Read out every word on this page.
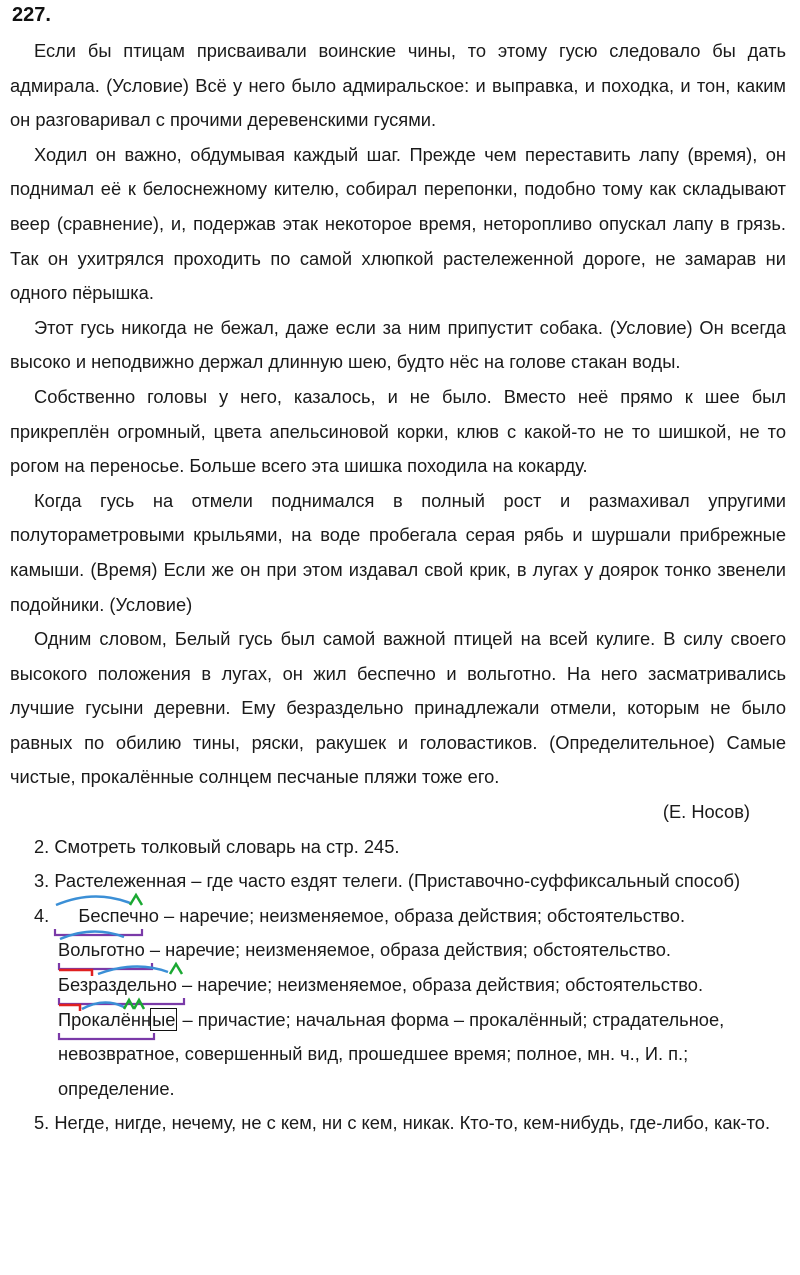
227.

Если бы птицам присваивали воинские чины, то этому гусю следовало бы дать адмирала. (Условие) Всё у него было адмиральское: и выправка, и походка, и тон, каким он разговаривал с прочими деревенскими гусями.

Ходил он важно, обдумывая каждый шаг. Прежде чем переставить лапу (время), он поднимал её к белоснежному кителю, собирал перепонки, подобно тому как складывают веер (сравнение), и, подержав этак некоторое время, неторопливо опускал лапу в грязь. Так он ухитрялся проходить по самой хлюпкой растележенной дороге, не замарав ни одного пёрышка.

Этот гусь никогда не бежал, даже если за ним припустит собака. (Условие) Он всегда высоко и неподвижно держал длинную шею, будто нёс на голове стакан воды.

Собственно головы у него, казалось, и не было. Вместо неё прямо к шее был прикреплён огромный, цвета апельсиновой корки, клюв с какой-то не то шишкой, не то рогом на переносье. Больше всего эта шишка походила на кокарду.

Когда гусь на отмели поднимался в полный рост и размахивал упругими полутораметровыми крыльями, на воде пробегала серая рябь и шуршали прибрежные камыши. (Время) Если же он при этом издавал свой крик, в лугах у доярок тонко звенели подойники. (Условие)

Одним словом, Белый гусь был самой важной птицей на всей кулиге. В силу своего высокого положения в лугах, он жил беспечно и вольготно. На него засматривались лучшие гусыни деревни. Ему безраздельно принадлежали отмели, которым не было равных по обилию тины, ряски, ракушек и головастиков. (Определительное) Самые чистые, прокалённые солнцем песчаные пляжи тоже его.

(Е. Носов)

2. Смотреть толковый словарь на стр. 245.

3. Растележенная – где часто ездят телеги. (Приставочно-суффиксальный способ)

4. Беспечно
– наречие; неизменяемое, образа действия; обстоятельство.

Вольготно
– наречие; неизменяемое, образа действия; обстоятельство.

Безраздельно
– наречие; неизменяемое, образа действия; обстоятельство.

Прокалённые
– причастие; начальная форма – прокалённый; страдательное, невозвратное, совершенный вид, прошедшее время; полное, мн. ч., И. п.; определение.

5. Негде, нигде, нечему, не с кем, ни с кем, никак. Кто-то, кем-нибудь, где-либо, как-то.
